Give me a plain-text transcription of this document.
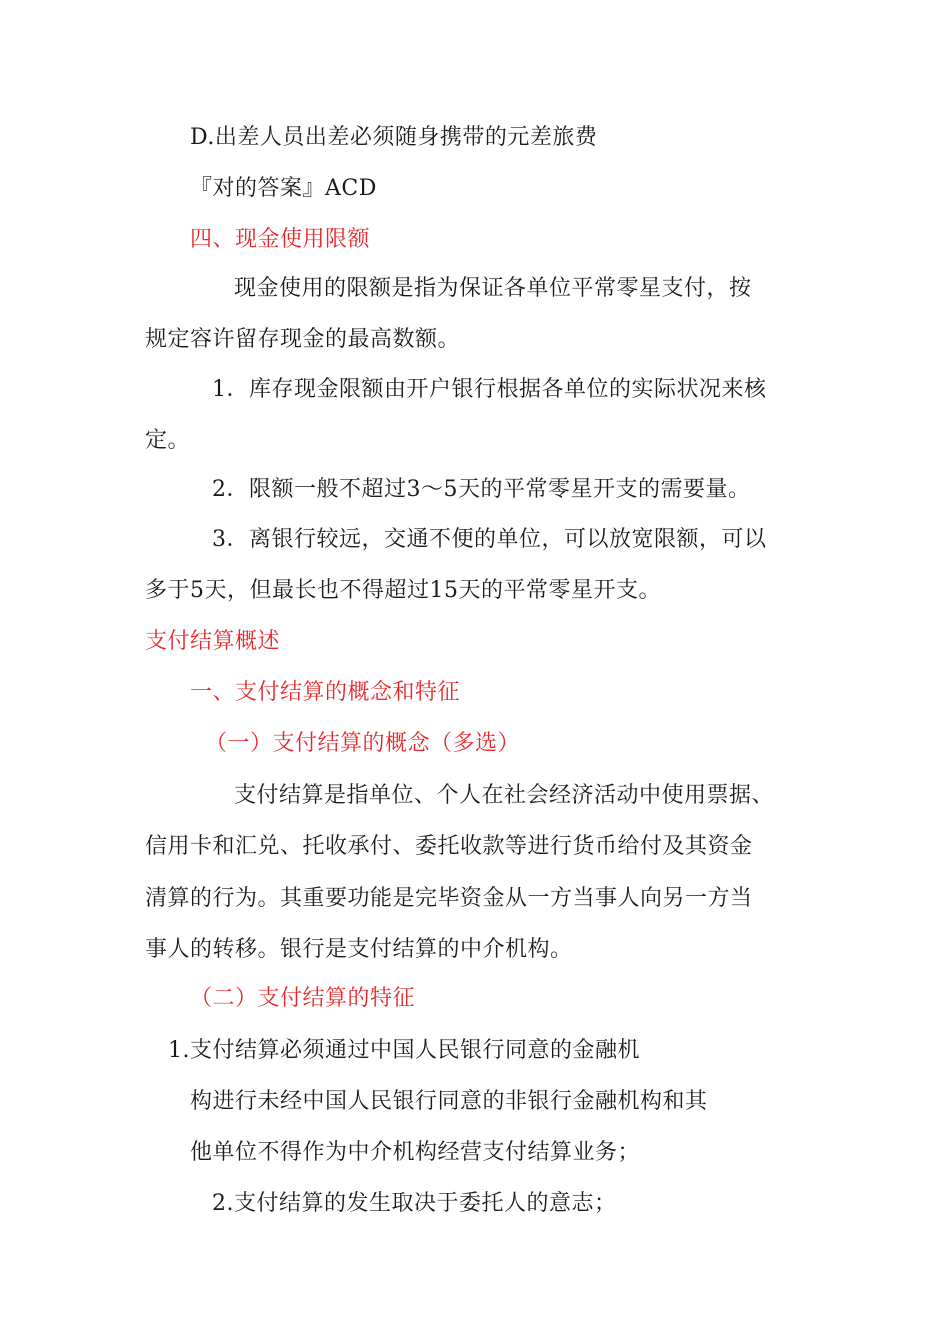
D.出差人员出差必须随身携带的元差旅费
『对的答案』ACD
四、现金使用限额
现金使用的限额是指为保证各单位平常零星支付，按
规定容许留存现金的最高数额。
1．库存现金限额由开户银行根据各单位的实际状况来核
定。
2．限额一般不超过3～5天的平常零星开支的需要量。
3．离银行较远，交通不便的单位，可以放宽限额，可以
多于5天，但最长也不得超过15天的平常零星开支。
支付结算概述
一、支付结算的概念和特征
（一）支付结算的概念（多选）
支付结算是指单位、个人在社会经济活动中使用票据、
信用卡和汇兑、托收承付、委托收款等进行货币给付及其资金
清算的行为。其重要功能是完毕资金从一方当事人向另一方当
事人的转移。银行是支付结算的中介机构。
（二）支付结算的特征
1.支付结算必须通过中国人民银行同意的金融机
构进行未经中国人民银行同意的非银行金融机构和其
他单位不得作为中介机构经营支付结算业务；
2.支付结算的发生取决于委托人的意志；
